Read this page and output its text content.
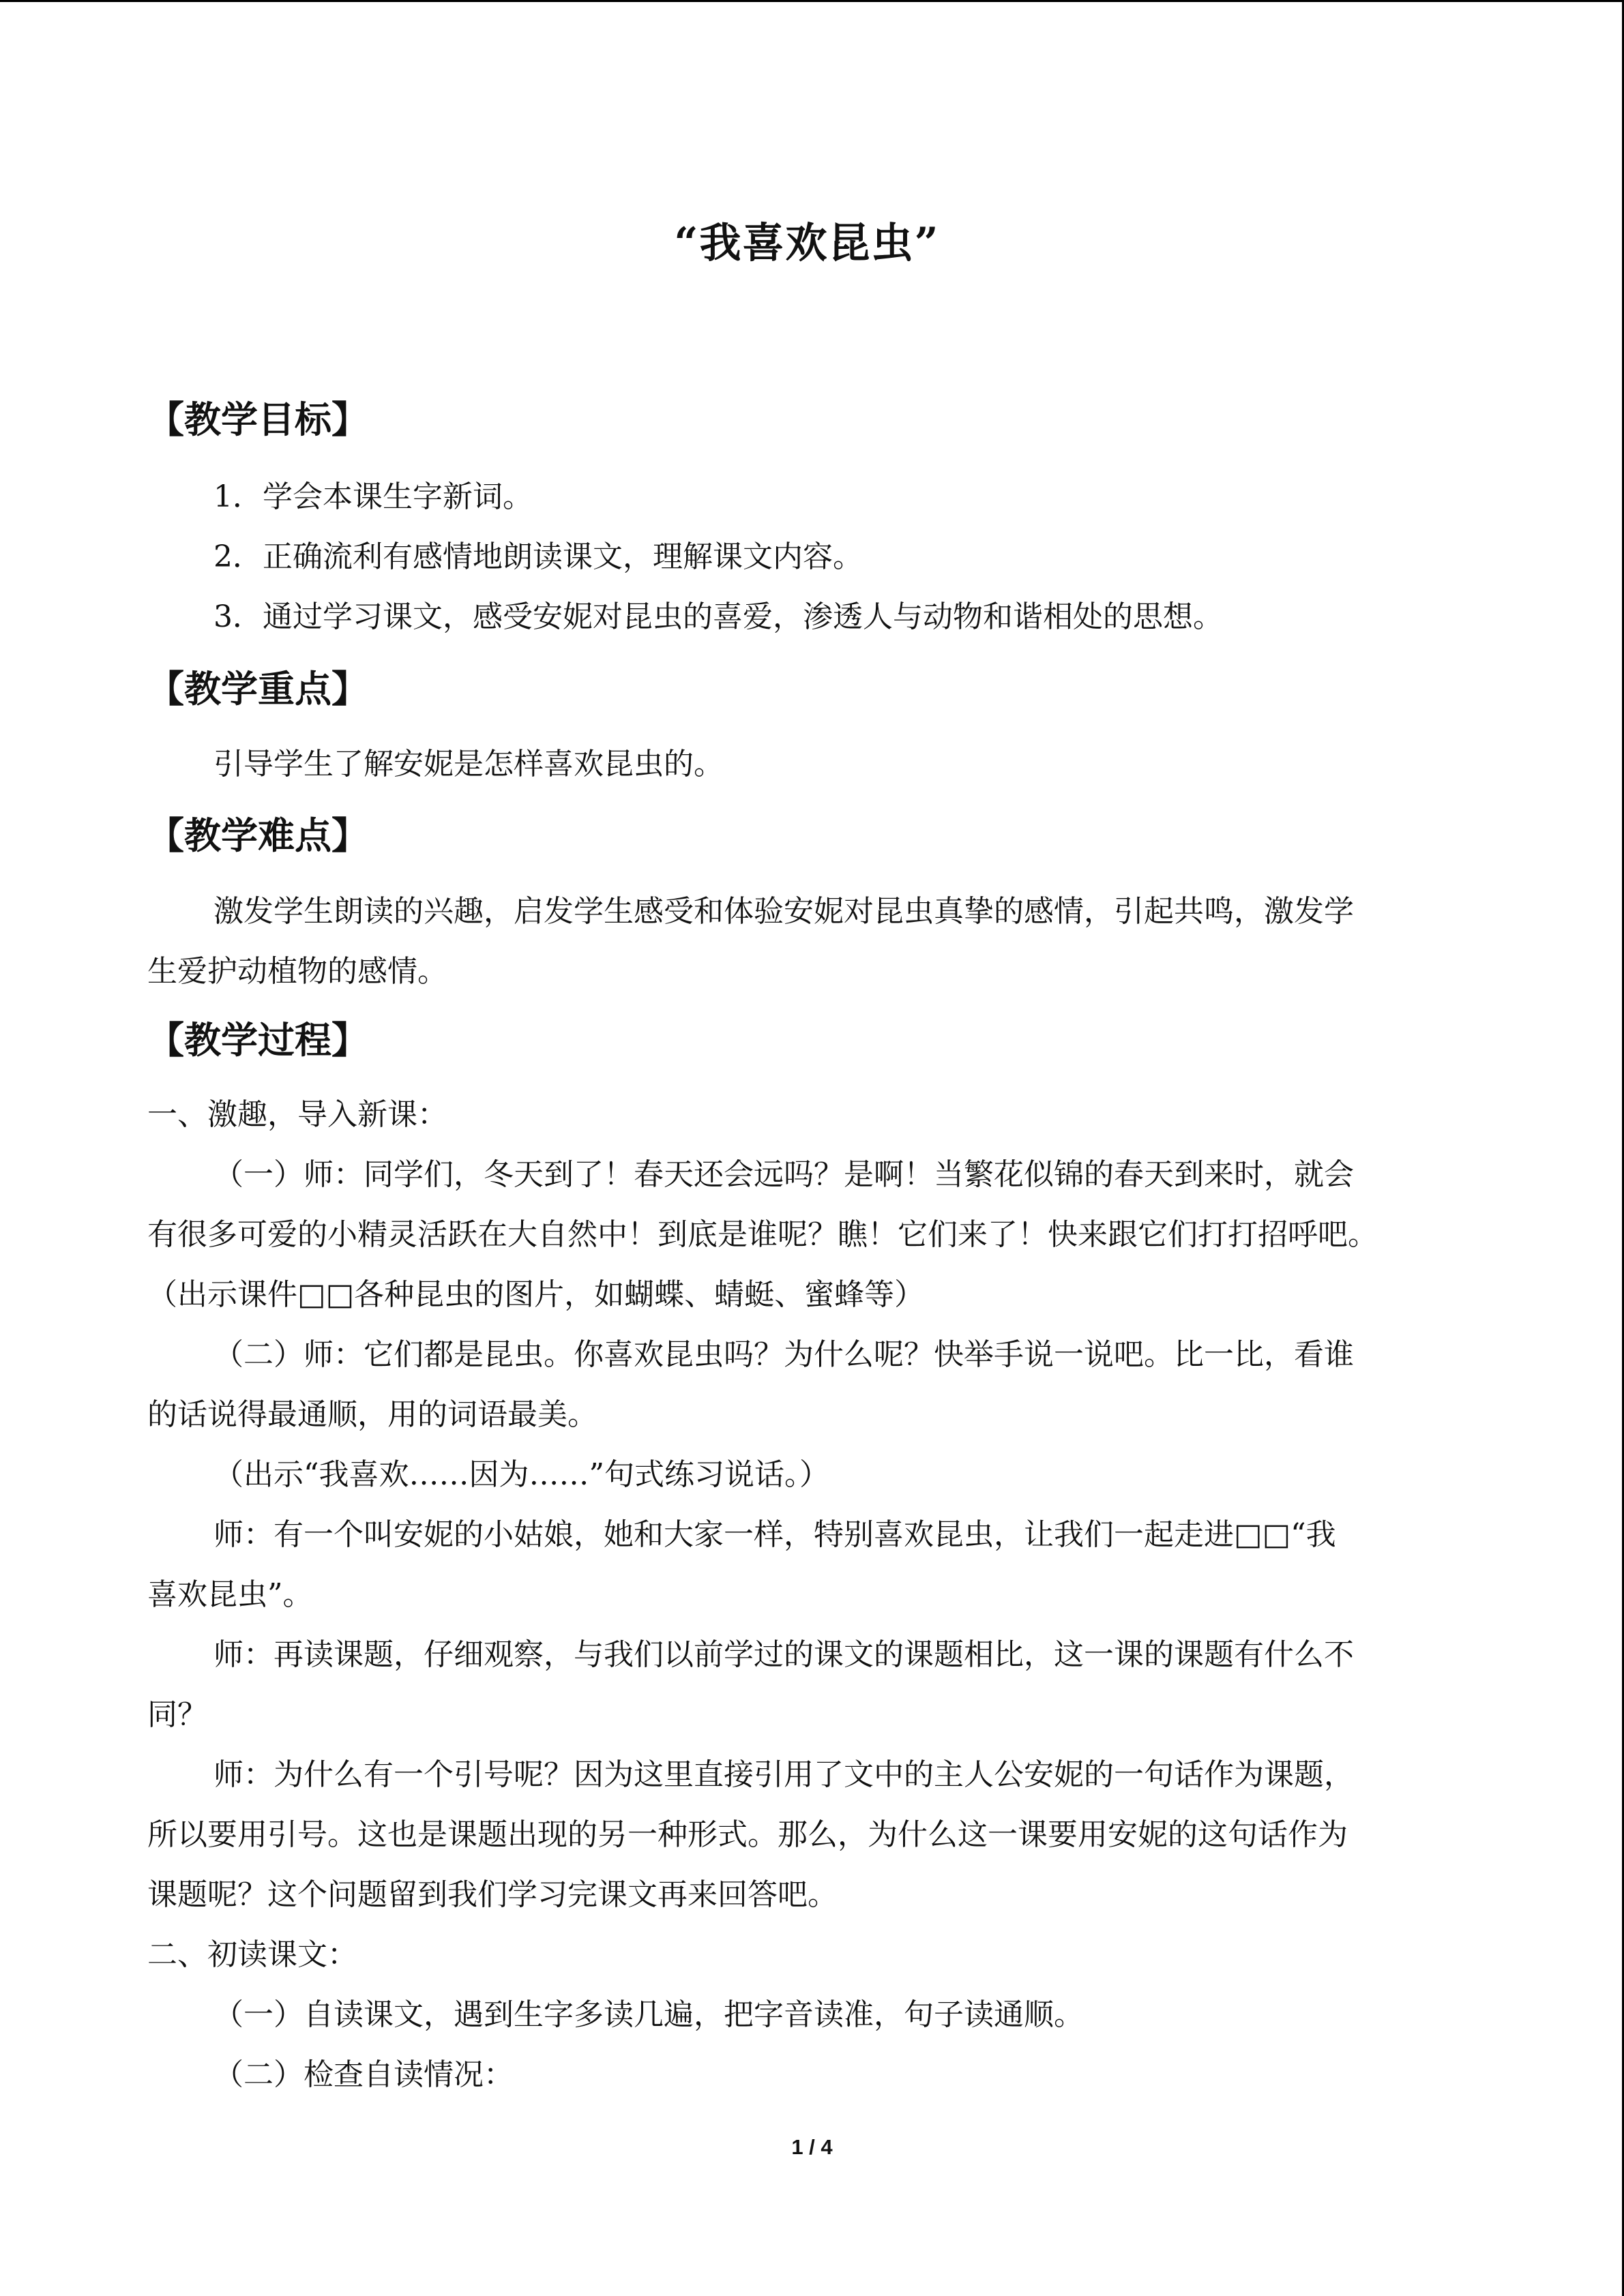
“我喜欢昆虫”
【教学目标】

1．学会本课生字新词。

2．正确流利有感情地朗读课文，理解课文内容。

3．通过学习课文，感受安妮对昆虫的喜爱，渗透人与动物和谐相处的思想。

【教学重点】

引导学生了解安妮是怎样喜欢昆虫的。

【教学难点】

激发学生朗读的兴趣，启发学生感受和体验安妮对昆虫真挚的感情，引起共鸣，激发学

生爱护动植物的感情。

【教学过程】

一、激趣，导入新课：

（一）师：同学们，冬天到了！春天还会远吗？是啊！当繁花似锦的春天到来时，就会

有很多可爱的小精灵活跃在大自然中！到底是谁呢？瞧！它们来了！快来跟它们打打招呼吧。

（出示课件□□各种昆虫的图片，如蝴蝶、蜻蜓、蜜蜂等）

（二）师：它们都是昆虫。你喜欢昆虫吗？为什么呢？快举手说一说吧。比一比，看谁

的话说得最通顺，用的词语最美。

（出示“我喜欢……因为……”句式练习说话。）

师：有一个叫安妮的小姑娘，她和大家一样，特别喜欢昆虫，让我们一起走进□□“我

喜欢昆虫”。

师：再读课题，仔细观察，与我们以前学过的课文的课题相比，这一课的课题有什么不

同？

师：为什么有一个引号呢？因为这里直接引用了文中的主人公安妮的一句话作为课题，

所以要用引号。这也是课题出现的另一种形式。那么，为什么这一课要用安妮的这句话作为

课题呢？这个问题留到我们学习完课文再来回答吧。

二、初读课文：

（一）自读课文，遇到生字多读几遍，把字音读准，句子读通顺。

（二）检查自读情况：

1 / 4
